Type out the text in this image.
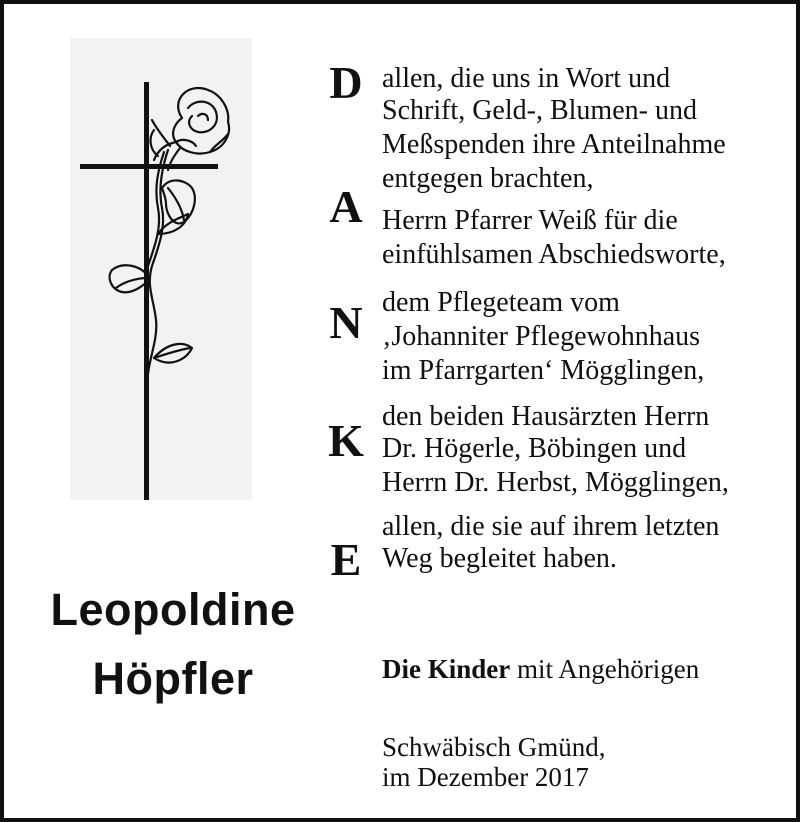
Leopoldine
Höpfler
D
A
N
K
E
allen, die uns in Wort und
Schrift, Geld-, Blumen- und
Meßspenden ihre Anteilnahme
entgegen brachten,
Herrn Pfarrer Weiß für die
einfühlsamen Abschiedsworte,
dem Pflegeteam vom
‚Johanniter Pflegewohnhaus
im Pfarrgarten‘ Mögglingen,
den beiden Hausärzten Herrn
Dr. Högerle, Böbingen und
Herrn Dr. Herbst, Mögglingen,
allen, die sie auf ihrem letzten
Weg begleitet haben.
Die Kinder mit Angehörigen
Schwäbisch Gmünd,
im Dezember 2017
